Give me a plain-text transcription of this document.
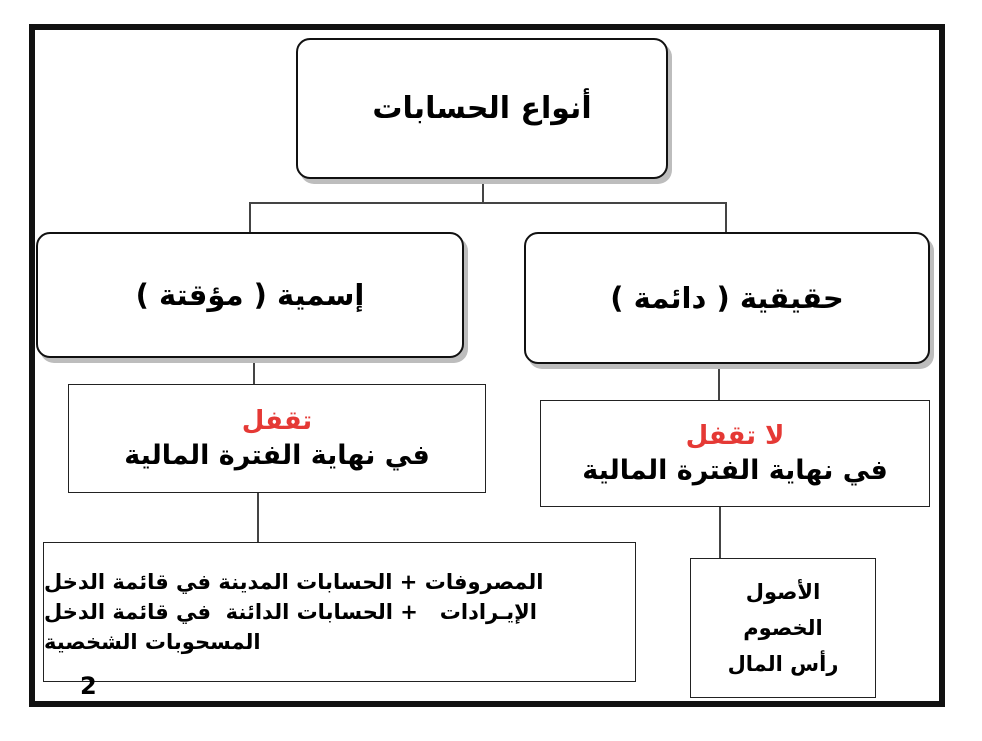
أنواع الحسابات
إسمية ( مؤقتة )	حقيقية ( دائمة )
تقفل
في نهاية الفترة المالية
لا تقفل
في نهاية الفترة المالية
المصروفات + الحسابات المدينة في قائمة الدخل
الإيـرادات   + الحسابات الدائنة  في قائمة الدخل
المسحوبات الشخصية
الأصول
الخصوم
رأس المال
2
